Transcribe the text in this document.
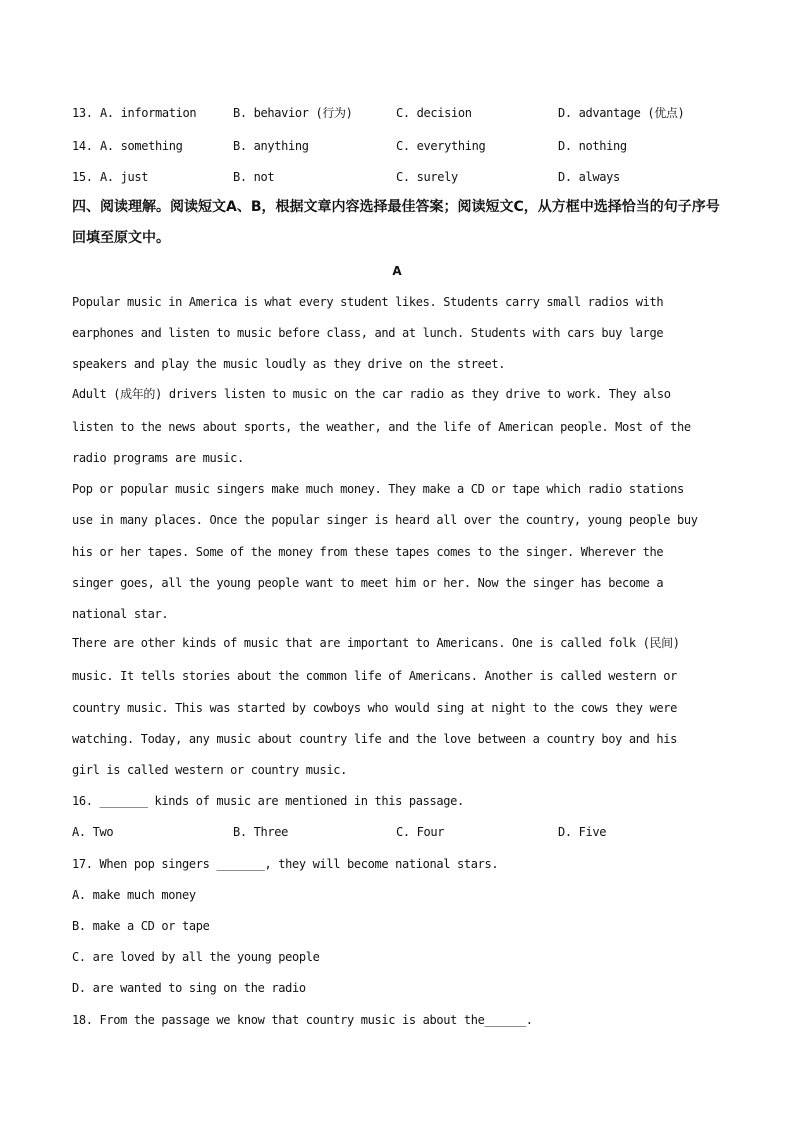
13. A. information	B. behavior (行为)	C. decision	D. advantage (优点)
14. A. something	B. anything	C. everything	D. nothing
15. A. just	B. not	C. surely	D. always
四、阅读理解。阅读短文A、B，根据文章内容选择最佳答案；阅读短文C，从方框中选择恰当的句子序号
回填至原文中。
A
Popular music in America is what every student likes. Students carry small radios with
earphones and listen to music before class, and at lunch. Students with cars buy large
speakers and play the music loudly as they drive on the street.
Adult (成年的) drivers listen to music on the car radio as they drive to work. They also
listen to the news about sports, the weather, and the life of American people. Most of the
radio programs are music.
Pop or popular music singers make much money. They make a CD or tape which radio stations
use in many places. Once the popular singer is heard all over the country, young people buy
his or her tapes. Some of the money from these tapes comes to the singer. Wherever the
singer goes, all the young people want to meet him or her. Now the singer has become a
national star.
There are other kinds of music that are important to Americans. One is called folk (民间)
music. It tells stories about the common life of Americans. Another is called western or
country music. This was started by cowboys who would sing at night to the cows they were
watching. Today, any music about country life and the love between a country boy and his
girl is called western or country music.
16. _______ kinds of music are mentioned in this passage.
A. Two	B. Three	C. Four	D. Five
17. When pop singers _______, they will become national stars.
A. make much money
B. make a CD or tape
C. are loved by all the young people
D. are wanted to sing on the radio
18. From the passage we know that country music is about the______.
